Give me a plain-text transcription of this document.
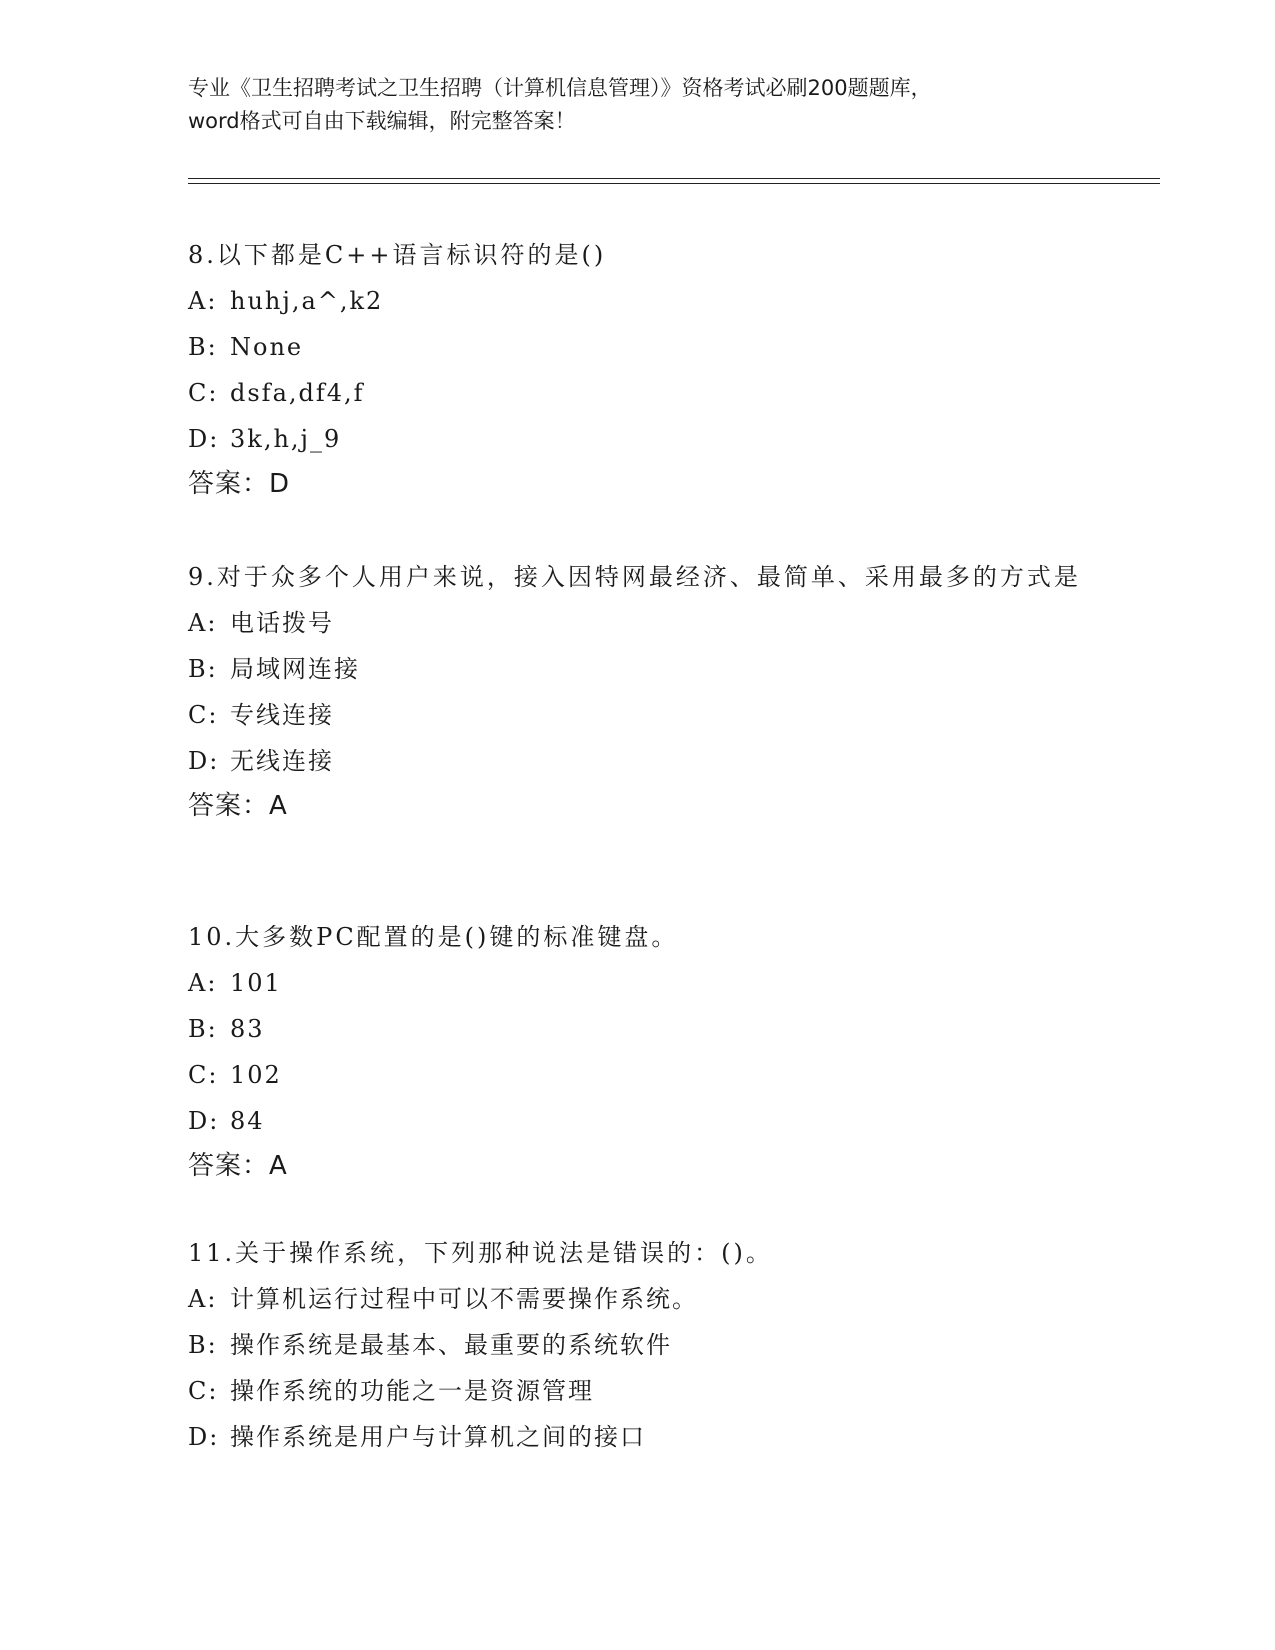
专业《卫生招聘考试之卫生招聘（计算机信息管理）》资格考试必刷200题题库，
word格式可自由下载编辑，附完整答案！
8.以下都是C++语言标识符的是()
A: huhj,a^,k2
B: None
C: dsfa,df4,f
D: 3k,h,j_9
答案：D
9.对于众多个人用户来说，接入因特网最经济、最简单、采用最多的方式是
A: 电话拨号
B: 局域网连接
C: 专线连接
D: 无线连接
答案：A
10.大多数PC配置的是()键的标准键盘。
A: 101
B: 83
C: 102
D: 84
答案：A
11.关于操作系统，下列那种说法是错误的：()。
A: 计算机运行过程中可以不需要操作系统。
B: 操作系统是最基本、最重要的系统软件
C: 操作系统的功能之一是资源管理
D: 操作系统是用户与计算机之间的接口
